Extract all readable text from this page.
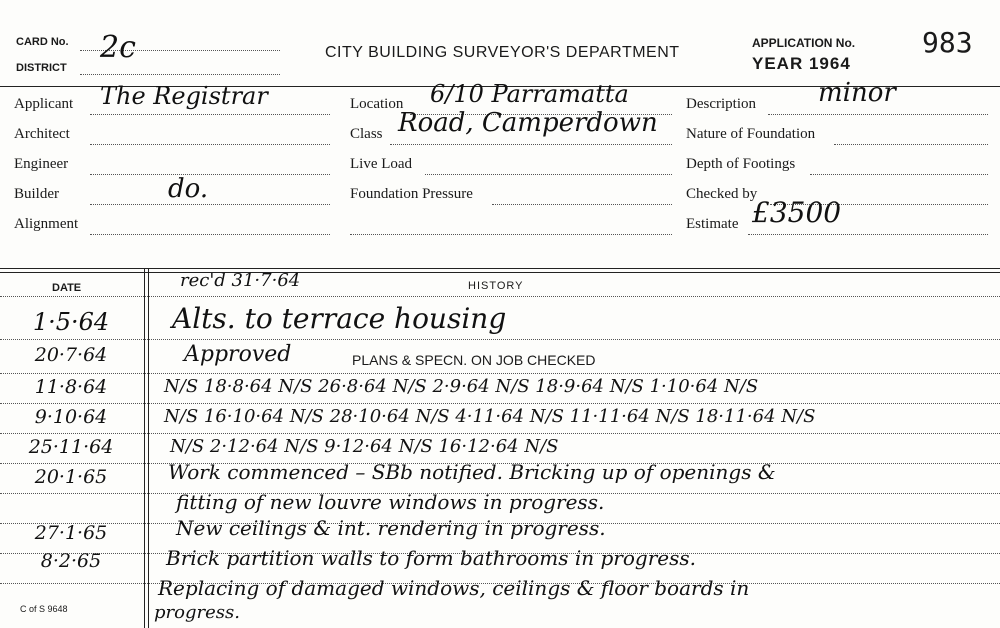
CARD No. 2c
DISTRICT
CITY BUILDING SURVEYOR'S DEPARTMENT
APPLICATION No. 983
YEAR 1964
Applicant The Registrar
Architect
Engineer
Builder	do.
Alignment
Location 6/10 Parramatta
Class Road, Camperdown
Live Load
Foundation Pressure
Description minor
Nature of Foundation
Depth of Footings
Checked by
Estimate £3500
DATE	HISTORY
rec'd 31·7·64
1·5·64	Alts. to terrace housing
20·7·64	Approved	PLANS & SPECN. ON JOB CHECKED
11·8·64	N/S 18·8·64 N/S 26·8·64 N/S 2·9·64 N/S 18·9·64 N/S 1·10·64 N/S
9·10·64	N/S 16·10·64 N/S 28·10·64 N/S 4·11·64 N/S 11·11·64 N/S 18·11·64 N/S
25·11·64	N/S 2·12·64 N/S 9·12·64 N/S 16·12·64 N/S
20·1·65	Work commenced – SBb notified. Bricking up of openings &
fitting of new louvre windows in progress.
27·1·65	New ceilings & int. rendering in progress.
8·2·65	Brick partition walls to form bathrooms in progress.
Replacing of damaged windows, ceilings & floor boards in
progress.
C of S 9648
